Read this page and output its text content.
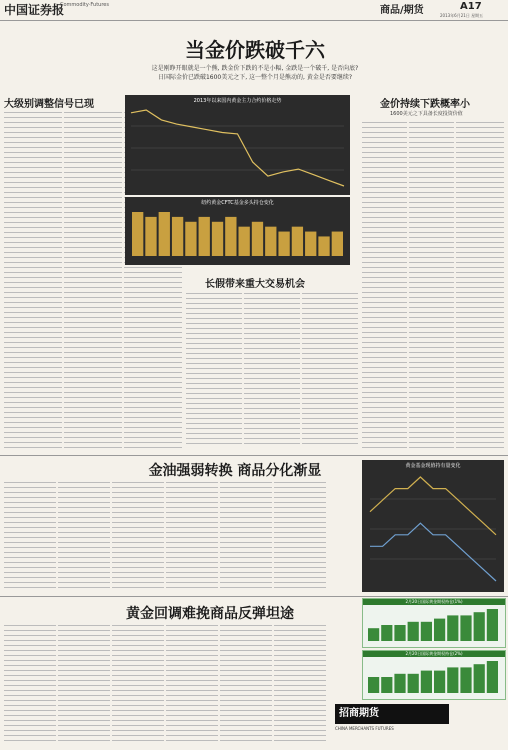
中国证券报
Commodity·Futures	商品/期货	A17
2013年6月21日 星期五
当金价跌破千六
这是刚睁开眼就是一个熊, 跌金价下跌的不是小幅, 金跌是一个破千, 是否向底?
日国际金价已跌破1600美元之下, 这一整个月是熊动的, 黄金是否要继续?
大级别调整信号已现	2013年以来国内黄金主力合约价格走势
纽约黄金CFTC基金多头持仓变化
长假带来重大交易机会
金价持续下跌概率小
1600美元之下具备长度投资价值
金油强弱转换 商品分化渐显	黄金基金现值持有量变化
黄金回调难挽商品反弹坦途
2月20日国际黄金期权持仓(1%)
2月20日国际黄金期权持仓(2%)
招商期货
CHINA MERCHANTS FUTURES
